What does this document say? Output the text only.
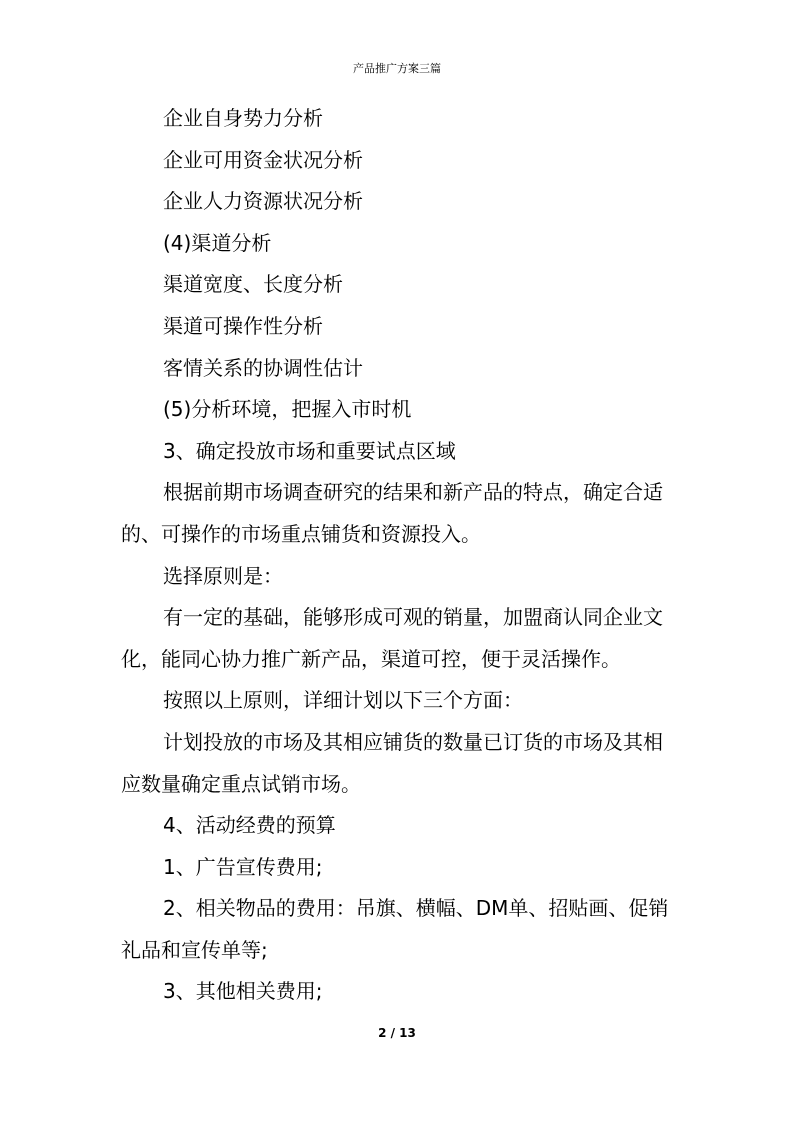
产品推广方案三篇

企业自身势力分析

企业可用资金状况分析

企业人力资源状况分析

(4)渠道分析

渠道宽度、长度分析

渠道可操作性分析

客情关系的协调性估计

(5)分析环境，把握入市时机

3、确定投放市场和重要试点区域

根据前期市场调查研究的结果和新产品的特点，确定合适的、可操作的市场重点铺货和资源投入。

选择原则是：

有一定的基础，能够形成可观的销量，加盟商认同企业文化，能同心协力推广新产品，渠道可控，便于灵活操作。

按照以上原则，详细计划以下三个方面：

计划投放的市场及其相应铺货的数量已订货的市场及其相应数量确定重点试销市场。

4、活动经费的预算

1、广告宣传费用;

2、相关物品的费用：吊旗、横幅、DM单、招贴画、促销礼品和宣传单等;

3、其他相关费用;

2 / 13
